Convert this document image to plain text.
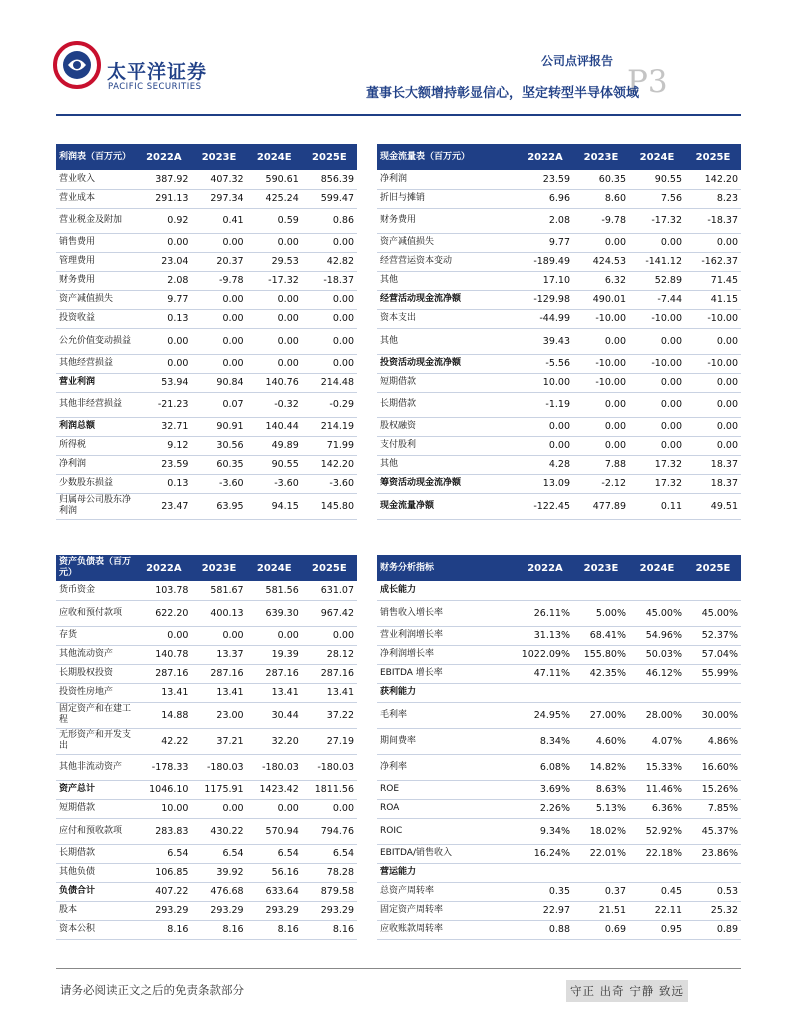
太平洋证券
PACIFIC SECURITIES
公司点评报告
P3
董事长大额增持彰显信心，坚定转型半导体领域
利润表（百万元）	2022A	2023E	2024E	2025E
营业收入	387.92	407.32	590.61	856.39
营业成本	291.13	297.34	425.24	599.47
营业税金及附加	0.92	0.41	0.59	0.86
销售费用	0.00	0.00	0.00	0.00
管理费用	23.04	20.37	29.53	42.82
财务费用	2.08	-9.78	-17.32	-18.37
资产减值损失	9.77	0.00	0.00	0.00
投资收益	0.13	0.00	0.00	0.00
公允价值变动损益	0.00	0.00	0.00	0.00
其他经营损益	0.00	0.00	0.00	0.00
营业利润	53.94	90.84	140.76	214.48
其他非经营损益	-21.23	0.07	-0.32	-0.29
利润总额	32.71	90.91	140.44	214.19
所得税	9.12	30.56	49.89	71.99
净利润	23.59	60.35	90.55	142.20
少数股东损益	0.13	-3.60	-3.60	-3.60
归属母公司股东净利润	23.47	63.95	94.15	145.80

现金流量表（百万元）	2022A	2023E	2024E	2025E
净利润	23.59	60.35	90.55	142.20
折旧与摊销	6.96	8.60	7.56	8.23
财务费用	2.08	-9.78	-17.32	-18.37
资产减值损失	9.77	0.00	0.00	0.00
经营营运资本变动	-189.49	424.53	-141.12	-162.37
其他	17.10	6.32	52.89	71.45
经营活动现金流净额	-129.98	490.01	-7.44	41.15
资本支出	-44.99	-10.00	-10.00	-10.00
其他	39.43	0.00	0.00	0.00
投资活动现金流净额	-5.56	-10.00	-10.00	-10.00
短期借款	10.00	-10.00	0.00	0.00
长期借款	-1.19	0.00	0.00	0.00
股权融资	0.00	0.00	0.00	0.00
支付股利	0.00	0.00	0.00	0.00
其他	4.28	7.88	17.32	18.37
筹资活动现金流净额	13.09	-2.12	17.32	18.37
现金流量净额	-122.45	477.89	0.11	49.51

资产负债表（百万元）	2022A	2023E	2024E	2025E
货币资金	103.78	581.67	581.56	631.07
应收和预付款项	622.20	400.13	639.30	967.42
存货	0.00	0.00	0.00	0.00
其他流动资产	140.78	13.37	19.39	28.12
长期股权投资	287.16	287.16	287.16	287.16
投资性房地产	13.41	13.41	13.41	13.41
固定资产和在建工程	14.88	23.00	30.44	37.22
无形资产和开发支出	42.22	37.21	32.20	27.19
其他非流动资产	-178.33	-180.03	-180.03	-180.03
资产总计	1046.10	1175.91	1423.42	1811.56
短期借款	10.00	0.00	0.00	0.00
应付和预收款项	283.83	430.22	570.94	794.76
长期借款	6.54	6.54	6.54	6.54
其他负债	106.85	39.92	56.16	78.28
负债合计	407.22	476.68	633.64	879.58
股本	293.29	293.29	293.29	293.29
资本公积	8.16	8.16	8.16	8.16
财务分析指标	2022A	2023E	2024E	2025E
成长能力				
销售收入增长率	26.11%	5.00%	45.00%	45.00%
营业利润增长率	31.13%	68.41%	54.96%	52.37%
净利润增长率	1022.09%	155.80%	50.03%	57.04%
EBITDA 增长率	47.11%	42.35%	46.12%	55.99%
获利能力				
毛利率	24.95%	27.00%	28.00%	30.00%
期间费率	8.34%	4.60%	4.07%	4.86%
净利率	6.08%	14.82%	15.33%	16.60%
ROE	3.69%	8.63%	11.46%	15.26%
ROA	2.26%	5.13%	6.36%	7.85%
ROIC	9.34%	18.02%	52.92%	45.37%
EBITDA/销售收入	16.24%	22.01%	22.18%	23.86%
营运能力				
总资产周转率	0.35	0.37	0.45	0.53
固定资产周转率	22.97	21.51	22.11	25.32
应收账款周转率	0.88	0.69	0.95	0.89
请务必阅读正文之后的免责条款部分	守正 出奇 宁静 致远
